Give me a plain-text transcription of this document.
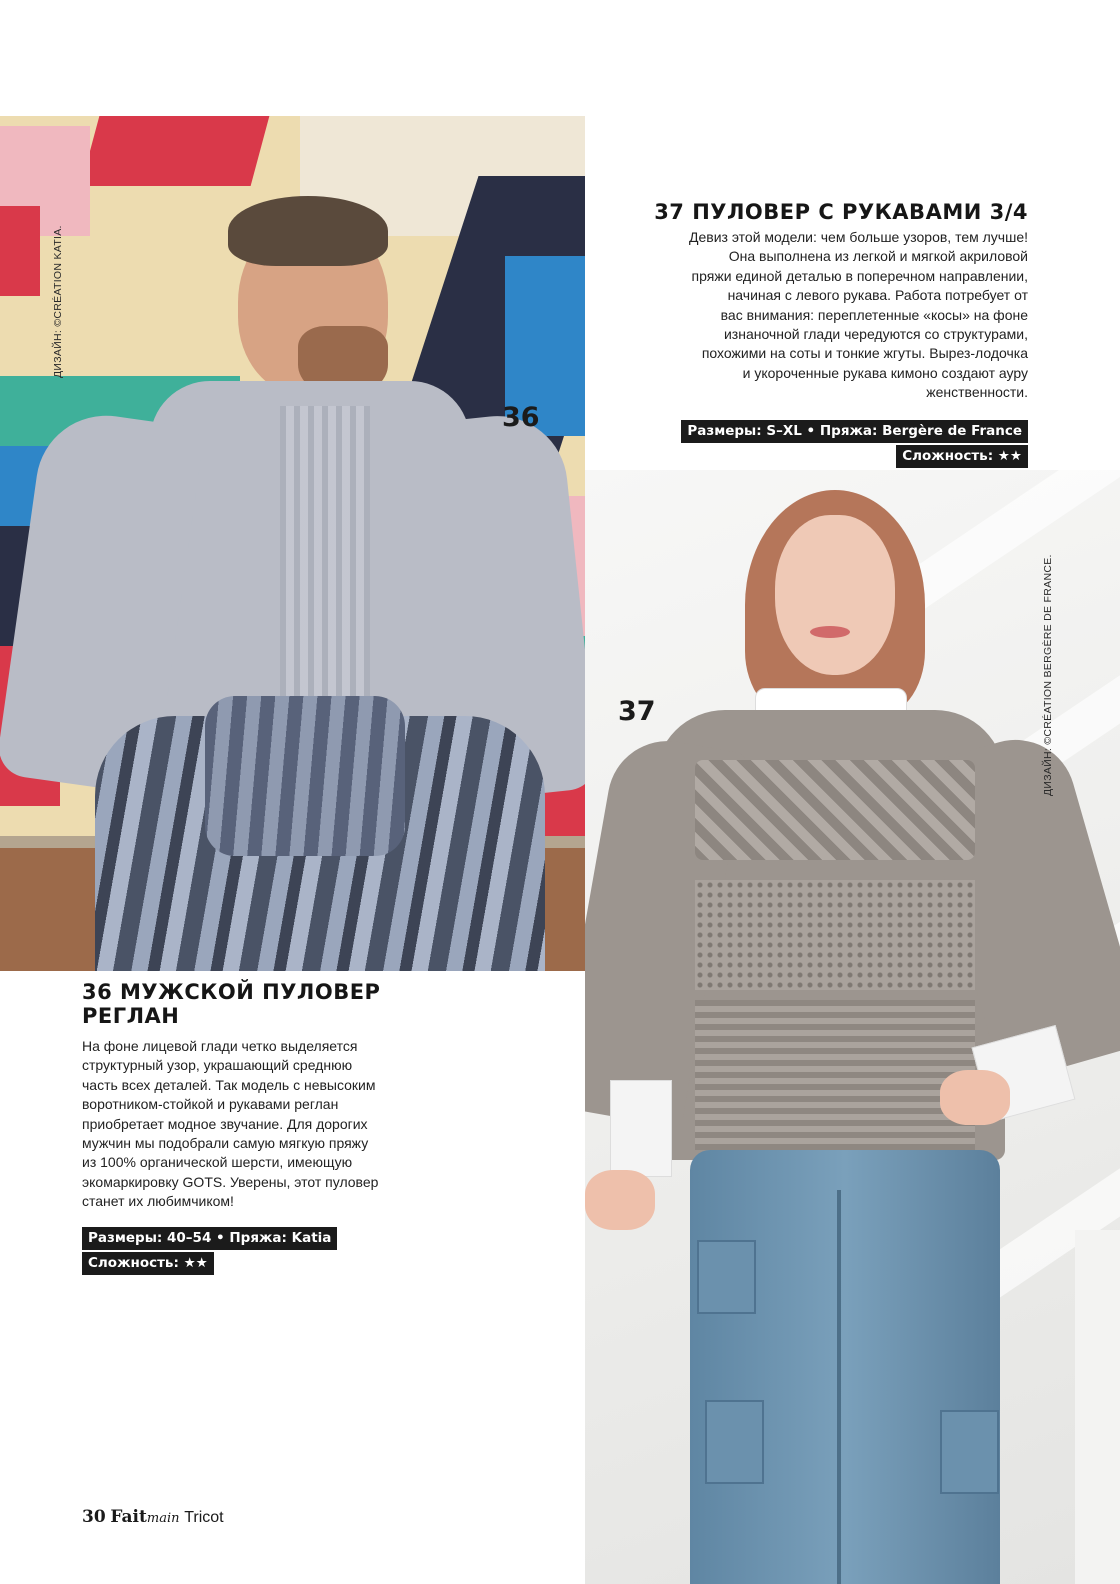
36
ДИЗАЙН: ©CRÉATION KATIA.
37 ПУЛОВЕР С РУКАВАМИ 3/4
Девиз этой модели: чем больше узоров, тем лучше!
Она выполнена из легкой и мягкой акриловой
пряжи единой деталью в поперечном направлении,
начиная с левого рукава. Работа потребует от
вас внимания: переплетенные «косы» на фоне
изнаночной глади чередуются со структурами,
похожими на соты и тонкие жгуты. Вырез-лодочка
и укороченные рукава кимоно создают ауру
женственности.
Размеры: S–XL • Пряжа: Bergère de France
Сложность: ★★
37	ДИЗАЙН: ©CRÉATION BERGÈRE DE FRANCE.
36 МУЖСКОЙ ПУЛОВЕР
РЕГЛАН
На фоне лицевой глади четко выделяется
структурный узор, украшающий среднюю
часть всех деталей. Так модель с невысоким
воротником-стойкой и рукавами реглан
приобретает модное звучание. Для дорогих
мужчин мы подобрали самую мягкую пряжу
из 100% органической шерсти, имеющую
экомаркировку GOTS. Уверены, этот пуловер
станет их любимчиком!
Размеры: 40–54 • Пряжа: Katia
Сложность: ★★
30 Faitmain Tricot
